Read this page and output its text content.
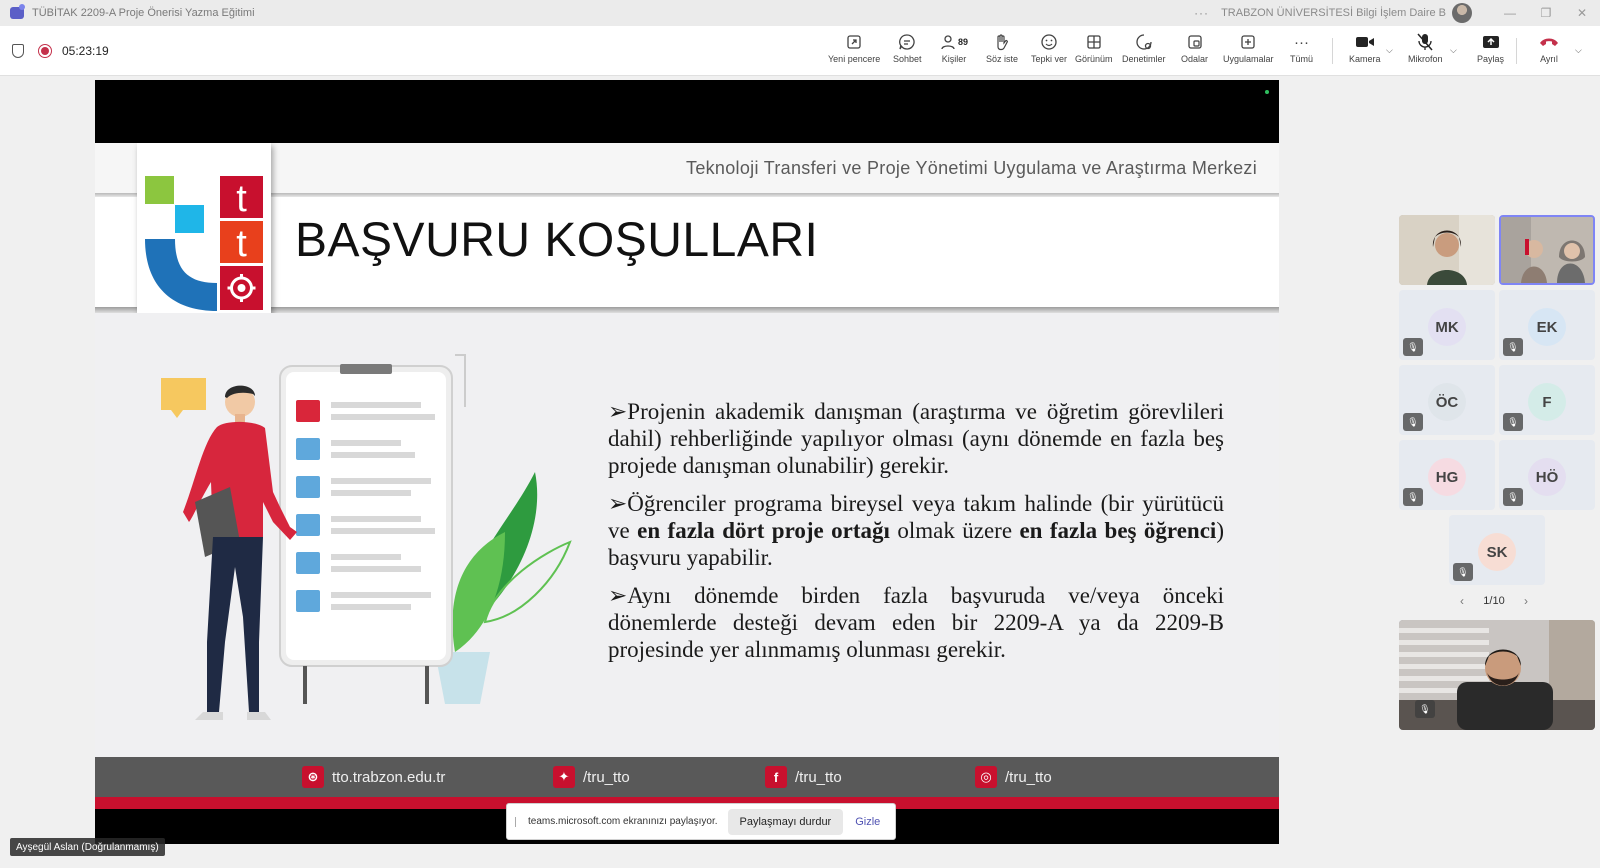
TÜBİTAK 2209-A Proje Önerisi Yazma Eğitimi	··· TRABZON ÜNİVERSİTESİ Bilgi İşlem Daire B	—	❐	✕
05:23:19
Yeni pencere Sohbet
89
Kişiler Söz iste Tepki ver Görünüm Denetimler Odalar Uygulamalar
···
Tümü	Kamera
⌵
Mikrofon
⌵
Paylaş	Ayrıl
⌵
Teknoloji Transferi ve Proje Yönetimi Uygulama ve Araştırma Merkezi
BAŞVURU KOŞULLARI
t
t

➢Projenin akademik danışman (araştırma ve öğretim görevlileri dahil) rehberliğinde yapılıyor olması (aynı dönemde en fazla beş projede danışman olunabilir) gerekir.

➢Öğrenciler programa bireysel veya takım halinde (bir yürütücü ve en fazla dört proje ortağı olmak üzere en fazla beş öğrenci) başvuru yapabilir.

➢Aynı dönemde birden fazla başvuruda ve/veya önceki dönemlerde desteği devam eden bir 2209-A ya da 2209-B projesinde yer alınmamış olunması gerekir.

⊛ tto.trabzon.edu.tr	✦ /tru_tto	f	/tru_tto	◎ /tru_tto
teams.microsoft.com ekranınızı paylaşıyor.	Paylaşmayı durdur	Gizle
Ayşegül Aslan (Doğrulanmamış)
MK
🎙︎
EK
🎙︎
ÖC
🎙︎
F
🎙︎
HG
🎙︎
HÖ
🎙︎
SK
🎙︎
‹ 1/10 ›
🎙︎
